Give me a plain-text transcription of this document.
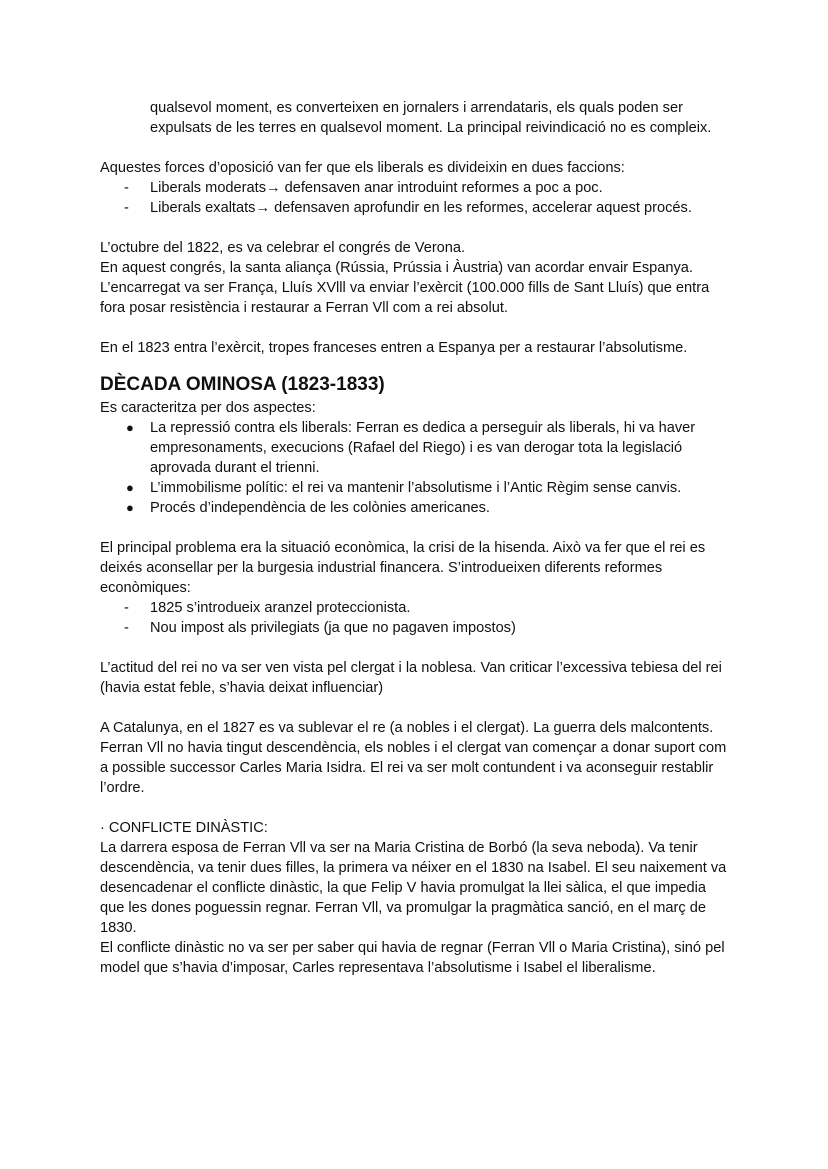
qualsevol moment, es converteixen en jornalers i arrendataris, els quals poden ser expulsats de les terres en qualsevol moment. La principal reivindicació no es compleix.

Aquestes forces d’oposició van fer que els liberals es divideixin en dues faccions:

-	Liberals moderats→ defensaven anar introduint reformes a poc a poc.
-	Liberals exaltats→ defensaven aprofundir en les reformes, accelerar aquest procés.

L’octubre del 1822, es va celebrar el congrés de Verona.

En aquest congrés, la santa aliança (Rússia, Prússia i Àustria) van acordar envair Espanya.

L’encarregat va ser França, Lluís XVlll va enviar l’exèrcit (100.000 fills de Sant Lluís) que entra fora posar resistència i restaurar a Ferran Vll com a rei absolut.

En el 1823 entra l’exèrcit, tropes franceses entren a Espanya per a restaurar l’absolutisme.

DÈCADA OMINOSA (1823-1833)

Es caracteritza per dos aspectes:

●	La repressió contra els liberals: Ferran es dedica a perseguir als liberals, hi va haver empresonaments, execucions (Rafael del Riego) i es van derogar tota la legislació aprovada durant el trienni.
●	L’immobilisme polític: el rei va mantenir l’absolutisme i l’Antic Règim sense canvis.
●	Procés d’independència de les colònies americanes.

El principal problema era la situació econòmica, la crisi de la hisenda. Això va fer que el rei es deixés aconsellar per la burgesia industrial financera. S’introdueixen diferents reformes econòmiques:

-	1825 s’introdueix aranzel proteccionista.
-	Nou impost als privilegiats (ja que no pagaven impostos)

L’actitud del rei no va ser ven vista pel clergat i la noblesa. Van criticar l’excessiva tebiesa del rei (havia estat feble, s’havia deixat influenciar)

A Catalunya, en el 1827 es va sublevar el re (a nobles i el clergat). La guerra dels malcontents.

Ferran Vll no havia tingut descendència, els nobles i el clergat van començar a donar suport com a possible successor Carles Maria Isidra. El rei va ser molt contundent i va aconseguir restablir l’ordre.

· CONFLICTE DINÀSTIC:

La darrera esposa de Ferran Vll va ser na Maria Cristina de Borbó (la seva neboda). Va tenir descendència, va tenir dues filles, la primera va néixer en el 1830 na Isabel. El seu naixement va desencadenar el conflicte dinàstic, la que Felip V havia promulgat la llei sàlica, el que impedia que les dones poguessin regnar. Ferran Vll, va promulgar la pragmàtica sanció, en el març de 1830.

El conflicte dinàstic no va ser per saber qui havia de regnar (Ferran Vll o Maria Cristina), sinó pel model que s’havia d’imposar, Carles representava l’absolutisme i Isabel el liberalisme.
